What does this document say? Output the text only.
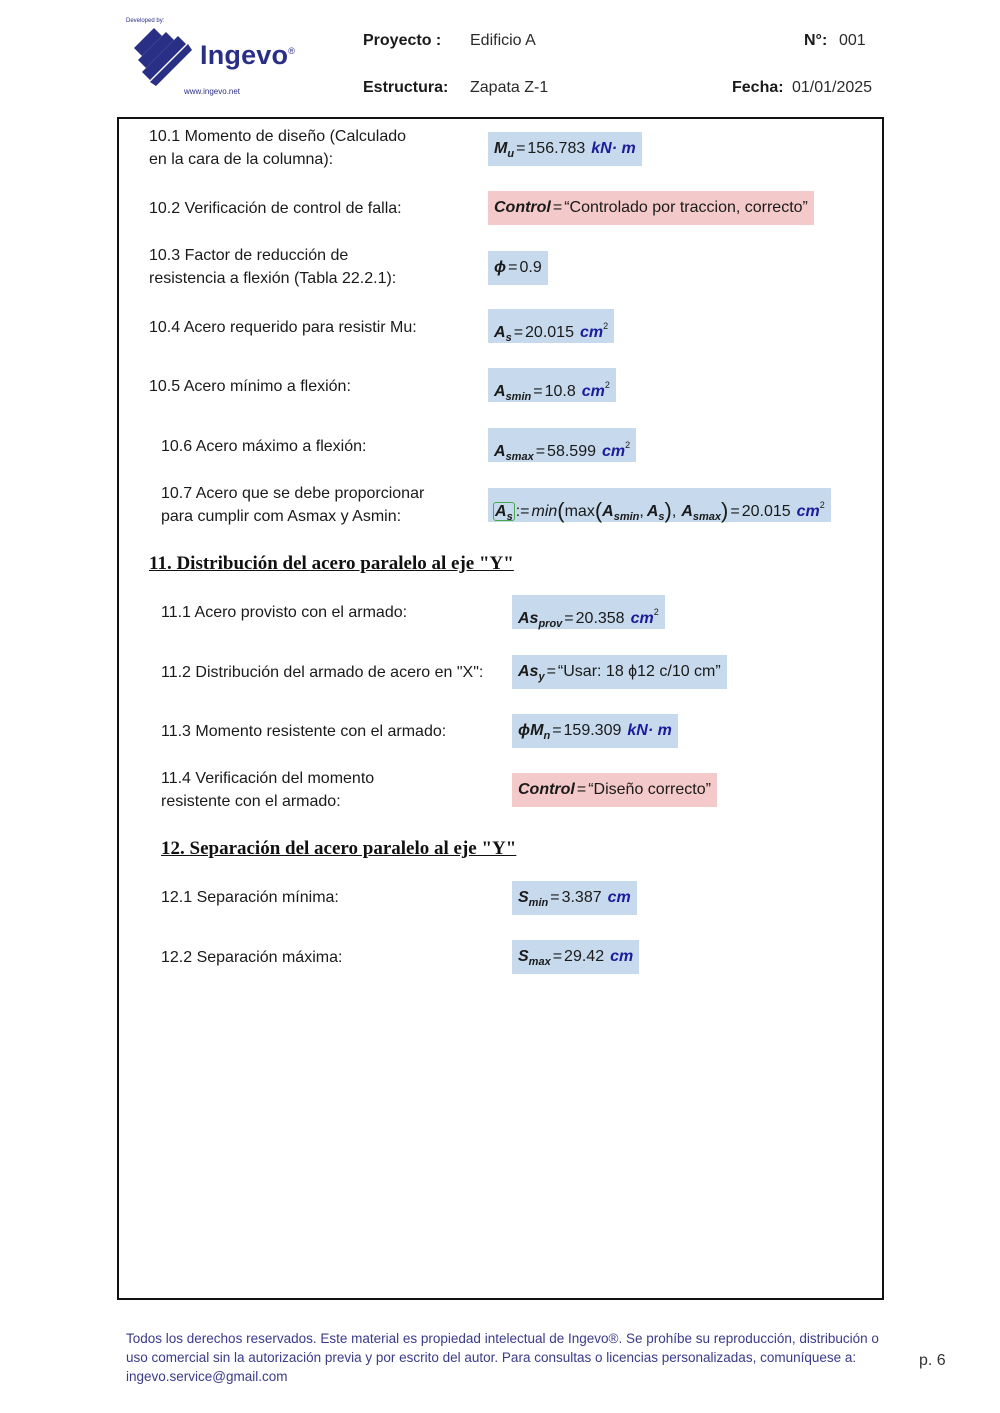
Developed by:
Ingevo®
www.ingevo.net
Proyecto : Edificio A	N°: 001
Estructura: Zapata Z-1	Fecha: 01/01/2025
10.1 Momento de diseño (Calculado
en la cara de la columna):
$M_u = 156.783$ kN· m
10.2 Verificación de control de falla:	Control = “Controlado por traccion, correcto”
10.3 Factor de reducción de
resistencia a flexión (Tabla 22.2.1):
ϕ = 0.9
10.4 Acero requerido para resistir Mu:	$A_s = 20.015$ $cm^2$
10.5 Acero mínimo a flexión:	$A_{smin} = 10.8$ $cm^2$
10.6 Acero máximo a flexión:	$A_{smax} = 58.599$ $cm^2$
10.7 Acero que se debe proporcionar
para cumplir com Asmax y Asmin:	$A_s$ := $\min(\max(A_{smin}$, $A_s$), $A_{smax}) = 20.015$ $cm^2$
11. Distribución del acero paralelo al eje "Y"
11.1 Acero provisto con el armado:	$As_{prov} = 20.358$ $cm^2$
11.2 Distribución del armado de acero en "X":	$As_y$ = “Usar: 18 ϕ12 c/10 cm”
11.3 Momento resistente con el armado:	$\phi M_n = 159.309$ kN· m
11.4 Verificación del momento
resistente con el armado:
Control = “Diseño correcto”
12. Separación del acero paralelo al eje "Y"
12.1 Separación mínima:	$S_{min} = 3.387$ cm
12.2 Separación máxima:	$S_{max} = 29.42$ cm
Todos los derechos reservados. Este material es propiedad intelectual de Ingevo®. Se prohíbe su reproducción, distribución o
uso comercial sin la autorización previa y por escrito del autor. Para consultas o licencias personalizadas, comuníquese a:
ingevo.service@gmail.com
p. 6
